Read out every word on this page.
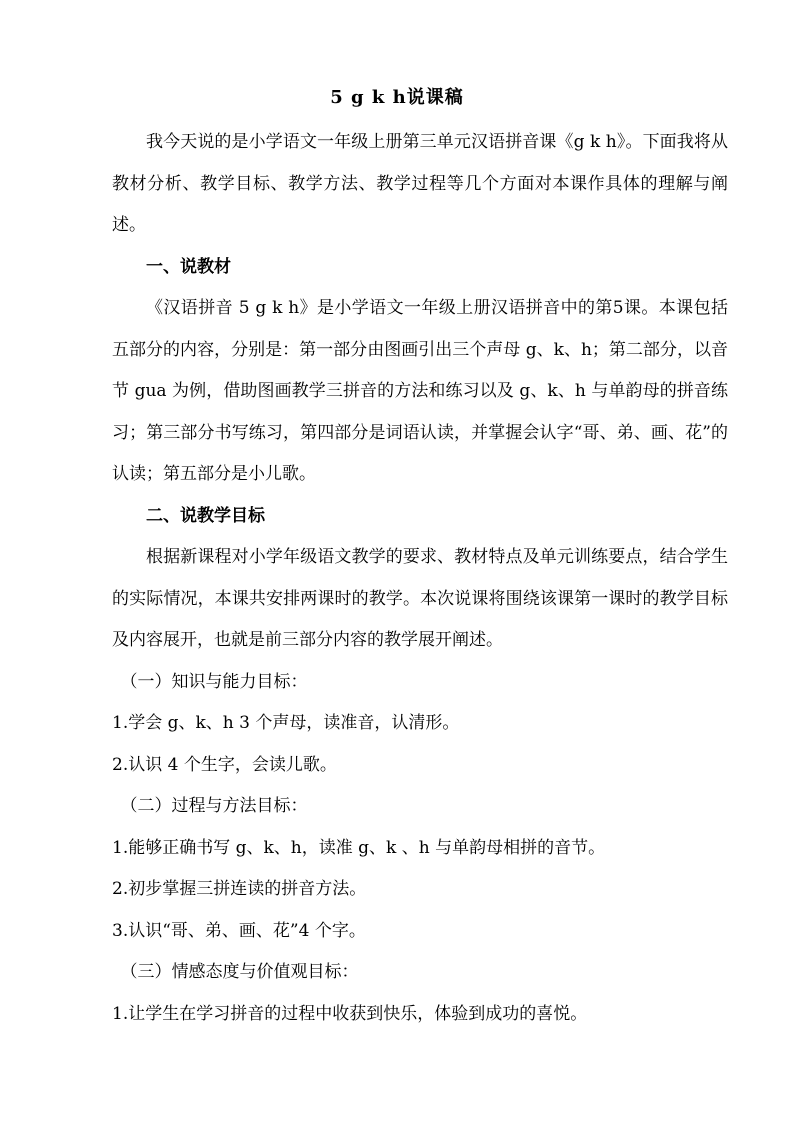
5 g k h说课稿

我今天说的是小学语文一年级上册第三单元汉语拼音课《g k h》。下面我将从教材分析、教学目标、教学方法、教学过程等几个方面对本课作具体的理解与阐述。

一、说教材

《汉语拼音 5 g k h》是小学语文一年级上册汉语拼音中的第5课。本课包括五部分的内容，分别是：第一部分由图画引出三个声母 g、k、h；第二部分，以音节 gua 为例，借助图画教学三拼音的方法和练习以及 g、k、h 与单韵母的拼音练习；第三部分书写练习，第四部分是词语认读，并掌握会认字“哥、弟、画、花”的认读；第五部分是小儿歌。

二、说教学目标

根据新课程对小学年级语文教学的要求、教材特点及单元训练要点，结合学生的实际情况，本课共安排两课时的教学。本次说课将围绕该课第一课时的教学目标及内容展开，也就是前三部分内容的教学展开阐述。

（一）知识与能力目标：

1.学会 g、k、h 3 个声母，读准音，认清形。

2.认识 4 个生字，会读儿歌。

（二）过程与方法目标：

1.能够正确书写 g、k、h，读准 g、k 、h 与单韵母相拼的音节。

2.初步掌握三拼连读的拼音方法。

3.认识“哥、弟、画、花”4 个字。

（三）情感态度与价值观目标：

1.让学生在学习拼音的过程中收获到快乐，体验到成功的喜悦。
